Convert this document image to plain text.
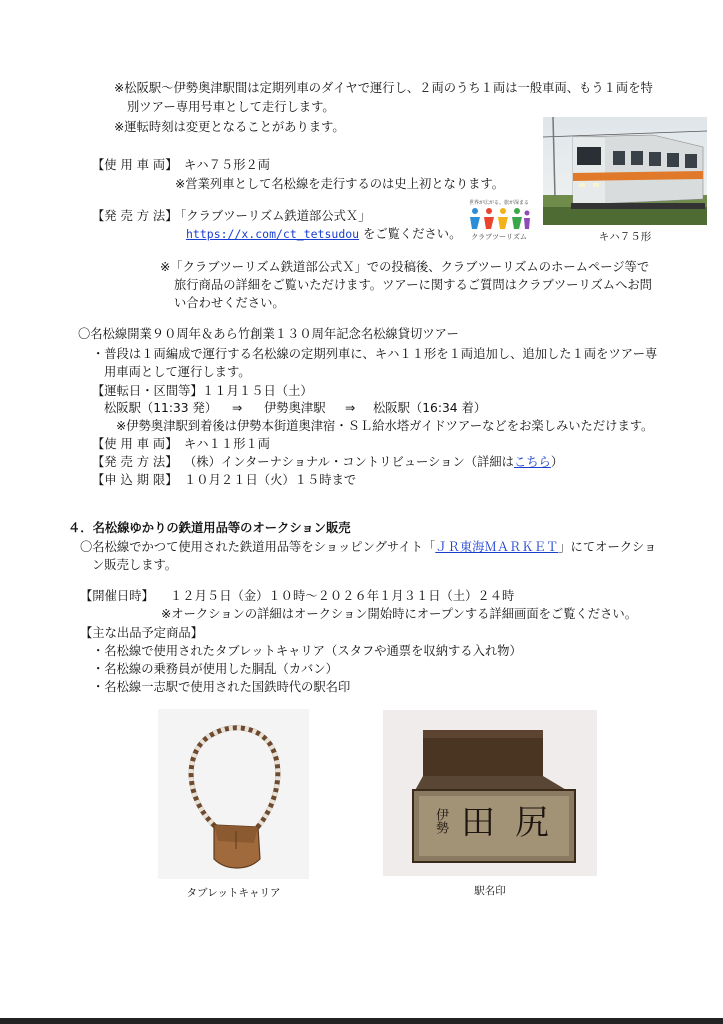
※松阪駅〜伊勢奥津駅間は定期列車のダイヤで運行し、２両のうち１両は一般車両、もう１両を特
別ツアー専用号車として走行します。
※運転時刻は変更となることがあります。
キハ７５形
【使 用 車 両】 キハ７５形２両
※営業列車として名松線を走行するのは史上初となります。
【発 売 方 法】
「クラブツーリズム鉄道部公式Ｘ」
https://x.com/ct_tetsudou をご覧ください。
世界が広がる。旅が深まる
クラブツーリズム
※「クラブツーリズム鉄道部公式Ｘ」での投稿後、クラブツーリズムのホームページ等で
旅行商品の詳細をご覧いただけます。ツアーに関するご質問はクラブツーリズムへお問
い合わせください。
〇名松線開業９０周年＆あら竹創業１３０周年記念名松線貸切ツアー
・普段は１両編成で運行する名松線の定期列車に、キハ１１形を１両追加し、追加した１両をツアー専
用車両として運行します。
【運転日・区間等】 １１月１５日（土）
松阪駅（11:33 発） ⇒ 伊勢奥津駅 ⇒ 松阪駅（16:34 着）
※伊勢奥津駅到着後は伊勢本街道奥津宿・ＳＬ給水塔ガイドツアーなどをお楽しみいただけます。
【使 用 車 両】 キハ１１形１両
【発 売 方 法】 （株）インターナショナル・コントリビューション（詳細はこちら）
【申 込 期 限】 １０月２１日（火）１５時まで
４．名松線ゆかりの鉄道用品等のオークション販売
〇名松線でかつて使用された鉄道用品等をショッピングサイト「ＪＲ東海ＭＡＲＫＥＴ」にてオークショ
ン販売します。
【開催日時】 １２月５日（金）１０時〜２０２６年１月３１日（土）２４時
※オークションの詳細はオークション開始時にオープンする詳細画面をご覧ください。
【主な出品予定商品】
・名松線で使用されたタブレットキャリア（スタフや通票を収納する入れ物）
・名松線の乗務員が使用した胴乱（カバン）
・名松線一志駅で使用された国鉄時代の駅名印
タブレットキャリア
伊勢 田 尻
駅名印
